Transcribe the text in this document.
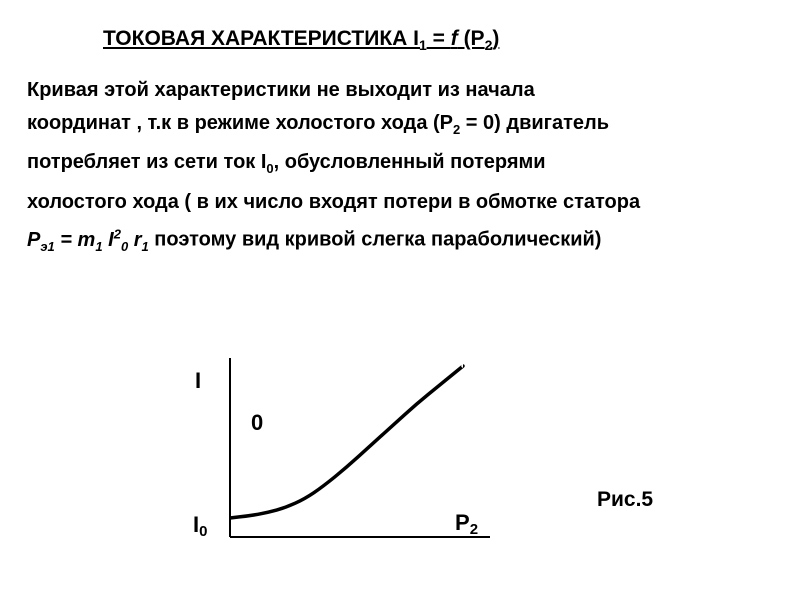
ТОКОВАЯ ХАРАКТЕРИСТИКА $I_1 = f$ $(P_2)$
Кривая этой характеристики не выходит из начала
координат , т.к в режиме холостого хода $(Р_2 = 0)$ двигатель
потребляет из сети ток $I_0$, обусловленный потерями
холостого хода ( в их число входят потери в обмотке статора
$P_{э1} = m_1$ $I^2_0$ $r_1$ поэтому вид кривой слегка параболический)
I
0
I0	P2
Рис.5
